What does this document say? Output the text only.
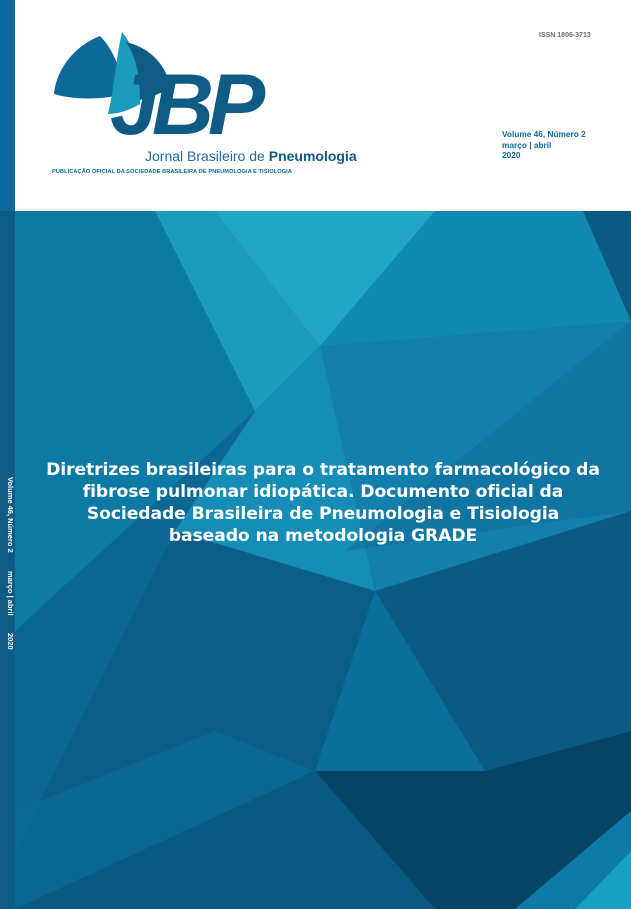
Volume 46, Número 2
março | abril
2020
JBP
Jornal Brasileiro de Pneumologia
PUBLICAÇÃO OFICIAL DA SOCIEDADE BRASILEIRA DE PNEUMOLOGIA E TISIOLOGIA
ISSN 1806-3713
Volume 46, Número 2
março | abril
2020
Diretrizes brasileiras para o tratamento farmacológico da
fibrose pulmonar idiopática. Documento oficial da
Sociedade Brasileira de Pneumologia e Tisiologia
baseado na metodologia GRADE
